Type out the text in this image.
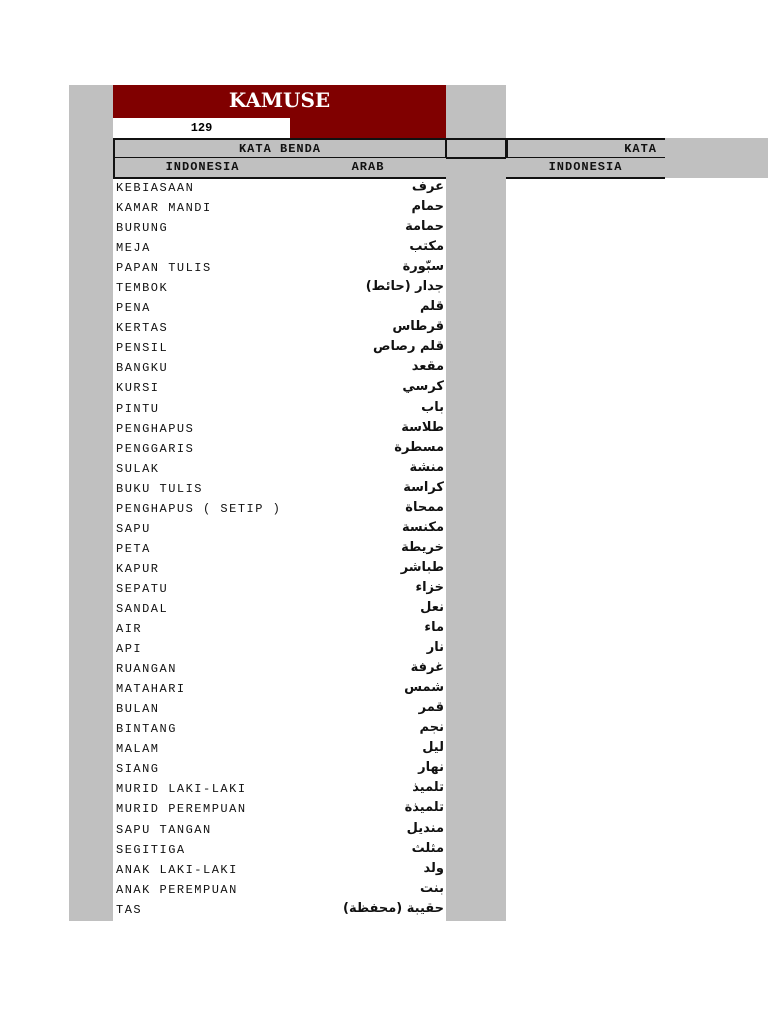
KAMUSE
129
KATA BENDA	KATA
INDONESIA	ARAB	INDONESIA
KEBIASAAN	عرف
KAMAR MANDI	حمام
BURUNG	حمامة
MEJA	مكتب
PAPAN TULIS	سبّورة
TEMBOK	جدار (حائط)
PENA	قلم
KERTAS	قرطاس
PENSIL	قلم رصاص
BANGKU	مقعد
KURSI	كرسي
PINTU	باب
PENGHAPUS	طلاسة
PENGGARIS	مسطرة
SULAK	منشة
BUKU TULIS	كراسة
PENGHAPUS ( SETIP )	ممحاة
SAPU	مكنسة
PETA	خريطة
KAPUR	طباشر
SEPATU	خزاء
SANDAL	نعل
AIR	ماء
API	نار
RUANGAN	غرفة
MATAHARI	شمس
BULAN	قمر
BINTANG	نجم
MALAM	ليل
SIANG	نهار
MURID LAKI-LAKI	تلميذ
MURID PEREMPUAN	تلميذة
SAPU TANGAN	منديل
SEGITIGA	مثلث
ANAK LAKI-LAKI	ولد
ANAK PEREMPUAN	بنت
TAS	حقيبة (محفظة)
